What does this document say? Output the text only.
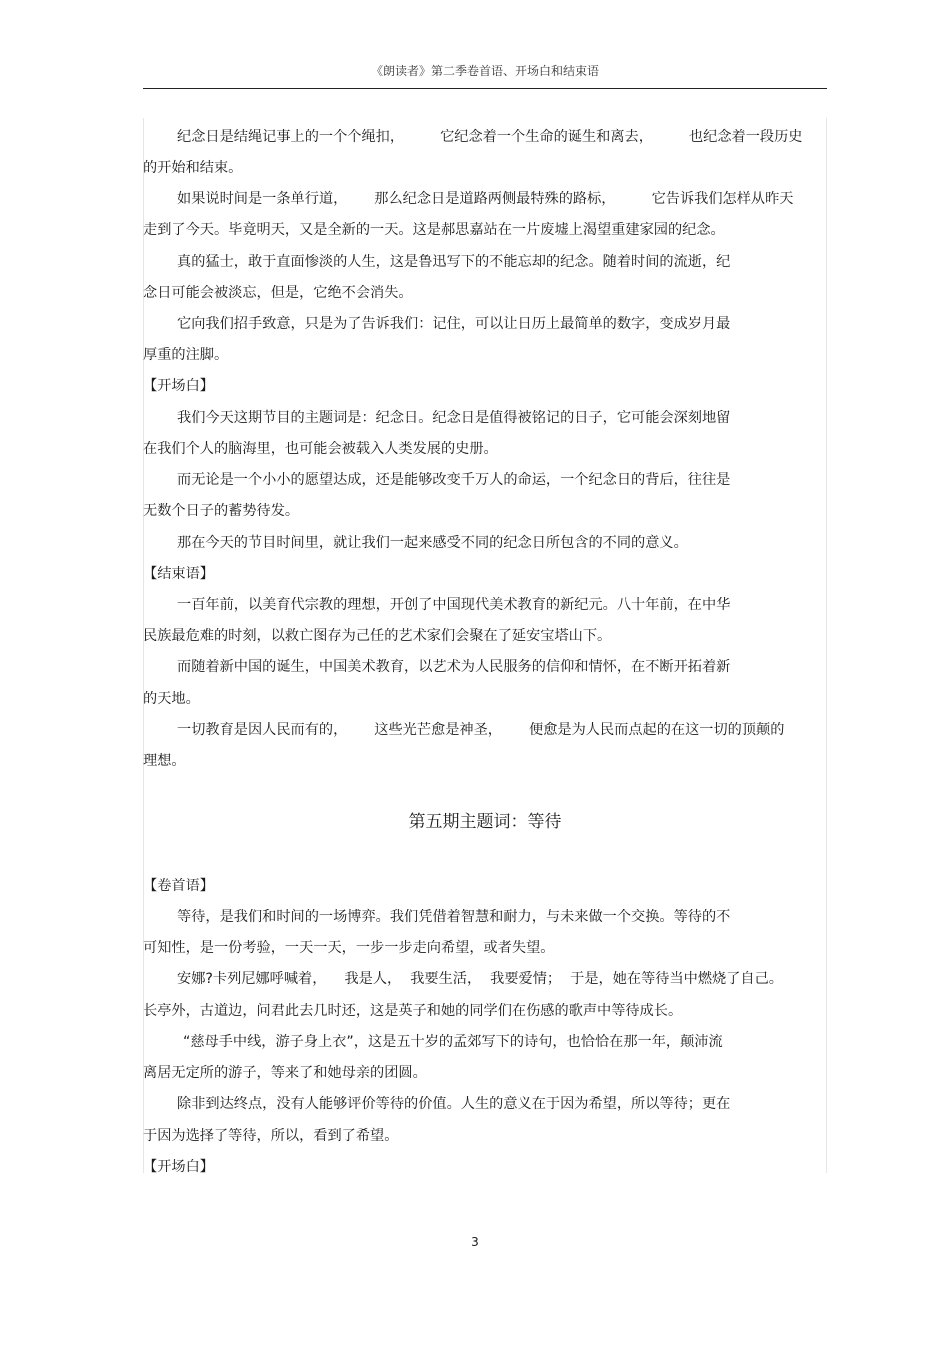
《朗读者》第二季卷首语、开场白和结束语
纪念日是结绳记事上的一个个绳扣，        它纪念着一个生命的诞生和离去，        也纪念着一段历史
的开始和结束。
如果说时间是一条单行道，      那么纪念日是道路两侧最特殊的路标，        它告诉我们怎样从昨天
走到了今天。毕竟明天，又是全新的一天。这是郝思嘉站在一片废墟上渴望重建家园的纪念。
真的猛士，敢于直面惨淡的人生，这是鲁迅写下的不能忘却的纪念。随着时间的流逝，纪
念日可能会被淡忘，但是，它绝不会消失。
它向我们招手致意，只是为了告诉我们：记住，可以让日历上最简单的数字，变成岁月最
厚重的注脚。
【开场白】
我们今天这期节目的主题词是：纪念日。纪念日是值得被铭记的日子，它可能会深刻地留
在我们个人的脑海里，也可能会被载入人类发展的史册。
而无论是一个小小的愿望达成，还是能够改变千万人的命运，一个纪念日的背后，往往是
无数个日子的蓄势待发。
那在今天的节目时间里，就让我们一起来感受不同的纪念日所包含的不同的意义。
【结束语】
一百年前，以美育代宗教的理想，开创了中国现代美术教育的新纪元。八十年前，在中华
民族最危难的时刻，以救亡图存为己任的艺术家们会聚在了延安宝塔山下。
而随着新中国的诞生，中国美术教育，以艺术为人民服务的信仰和情怀，在不断开拓着新
的天地。
一切教育是因人民而有的，      这些光芒愈是神圣，      便愈是为人民而点起的在这一切的顶颠的
理想。
第五期主题词：等待
【卷首语】
等待，是我们和时间的一场博弈。我们凭借着智慧和耐力，与未来做一个交换。等待的不
可知性，是一份考验，一天一天，一步一步走向希望，或者失望。
安娜?卡列尼娜呼喊着，    我是人，  我要生活，  我要爱情；  于是，她在等待当中燃烧了自己。
长亭外，古道边，问君此去几时还，这是英子和她的同学们在伤感的歌声中等待成长。
“慈母手中线，游子身上衣”，这是五十岁的孟郊写下的诗句，也恰恰在那一年，颠沛流
离居无定所的游子，等来了和她母亲的团圆。
除非到达终点，没有人能够评价等待的价值。人生的意义在于因为希望，所以等待；更在
于因为选择了等待，所以，看到了希望。
【开场白】
3
